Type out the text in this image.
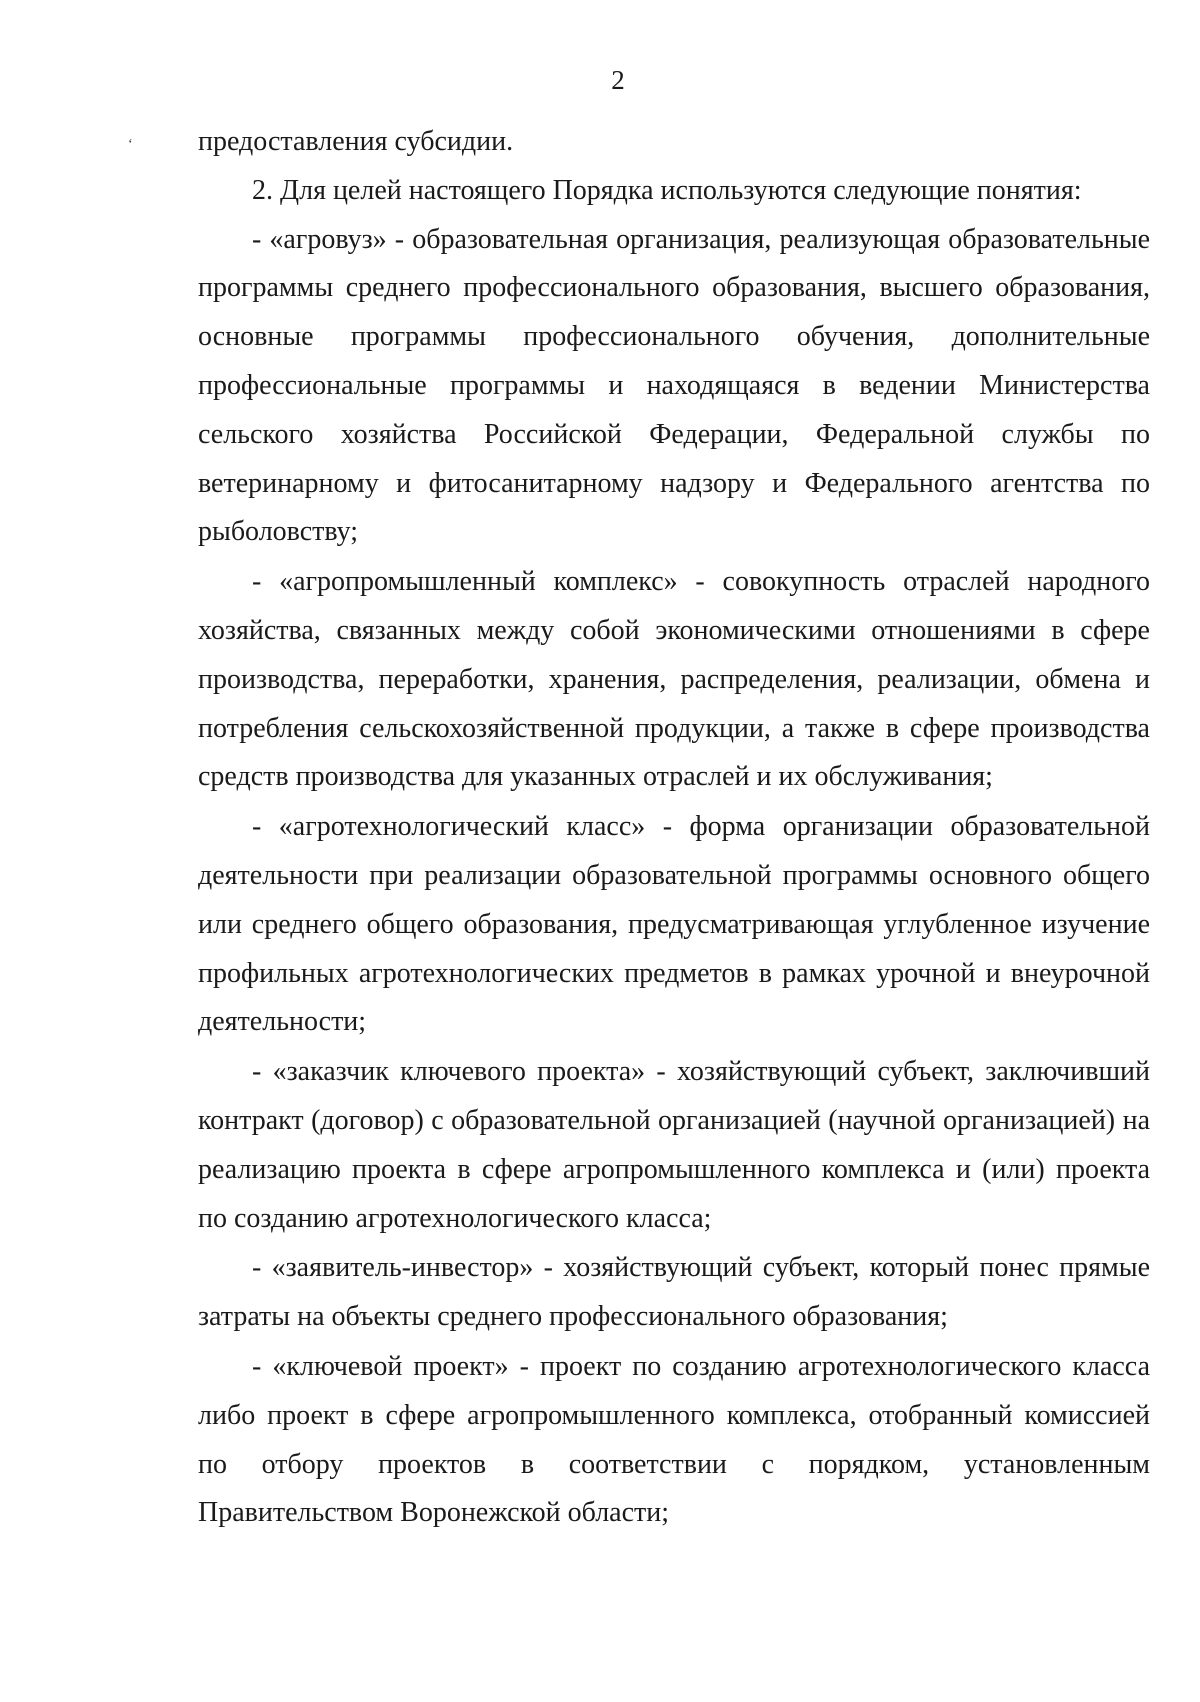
2
‘ предоставления субсидии.

2. Для целей настоящего Порядка используются следующие понятия:

- «агровуз» - образовательная организация, реализующая образовательные программы среднего профессионального образования, высшего образования, основные программы профессионального обучения, дополнительные профессиональные программы и находящаяся в ведении Министерства сельского хозяйства Российской Федерации, Федеральной службы по ветеринарному и фитосанитарному надзору и Федерального агентства по рыболовству;

- «агропромышленный комплекс» - совокупность отраслей народного хозяйства, связанных между собой экономическими отношениями в сфере производства, переработки, хранения, распределения, реализации, обмена и потребления сельскохозяйственной продукции, а также в сфере производства средств производства для указанных отраслей и их обслуживания;

- «агротехнологический класс» - форма организации образовательной деятельности при реализации образовательной программы основного общего или среднего общего образования, предусматривающая углубленное изучение профильных агротехнологических предметов в рамках урочной и внеурочной деятельности;

- «заказчик ключевого проекта» - хозяйствующий субъект, заключивший контракт (договор) с образовательной организацией (научной организацией) на реализацию проекта в сфере агропромышленного комплекса и (или) проекта по созданию агротехнологического класса;

- «заявитель-инвестор» - хозяйствующий субъект, который понес прямые затраты на объекты среднего профессионального образования;

- «ключевой проект» - проект по созданию агротехнологического класса либо проект в сфере агропромышленного комплекса, отобранный комиссией по отбору проектов в соответствии с порядком, установленным Правительством Воронежской области;
